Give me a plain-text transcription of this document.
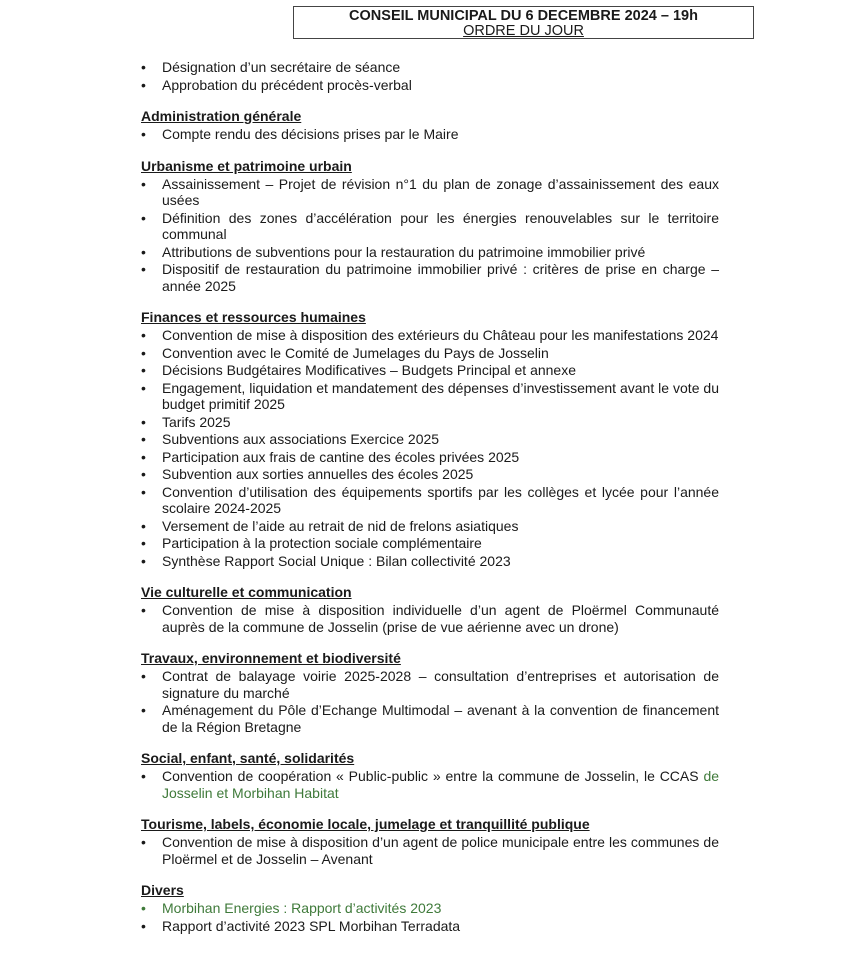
CONSEIL MUNICIPAL DU 6 DECEMBRE 2024 – 19h
ORDRE DU JOUR
• Désignation d’un secrétaire de séance
• Approbation du précédent procès-verbal
Administration générale
• Compte rendu des décisions prises par le Maire
Urbanisme et patrimoine urbain
• Assainissement – Projet de révision n°1 du plan de zonage d’assainissement des eaux usées
• Définition des zones d’accélération pour les énergies renouvelables sur le territoire communal
• Attributions de subventions pour la restauration du patrimoine immobilier privé
• Dispositif de restauration du patrimoine immobilier privé : critères de prise en charge – année 2025
Finances et ressources humaines
• Convention de mise à disposition des extérieurs du Château pour les manifestations 2024
• Convention avec le Comité de Jumelages du Pays de Josselin
• Décisions Budgétaires Modificatives – Budgets Principal et annexe
• Engagement, liquidation et mandatement des dépenses d’investissement avant le vote du budget primitif 2025
• Tarifs 2025
• Subventions aux associations Exercice 2025
• Participation aux frais de cantine des écoles privées 2025
• Subvention aux sorties annuelles des écoles 2025
• Convention d’utilisation des équipements sportifs par les collèges et lycée pour l’année scolaire 2024-2025
• Versement de l’aide au retrait de nid de frelons asiatiques
• Participation à la protection sociale complémentaire
• Synthèse Rapport Social Unique : Bilan collectivité 2023
Vie culturelle et communication
• Convention de mise à disposition individuelle d’un agent de Ploërmel Communauté auprès de la commune de Josselin (prise de vue aérienne avec un drone)
Travaux, environnement et biodiversité
• Contrat de balayage voirie 2025-2028 – consultation d’entreprises et autorisation de signature du marché
• Aménagement du Pôle d’Echange Multimodal – avenant à la convention de financement de la Région Bretagne
Social, enfant, santé, solidarités
• Convention de coopération « Public-public » entre la commune de Josselin, le CCAS de Josselin et Morbihan Habitat
Tourisme, labels, économie locale, jumelage et tranquillité publique
• Convention de mise à disposition d’un agent de police municipale entre les communes de Ploërmel et de Josselin – Avenant
Divers
• Morbihan Energies : Rapport d’activités 2023
• Rapport d’activité 2023 SPL Morbihan Terradata
